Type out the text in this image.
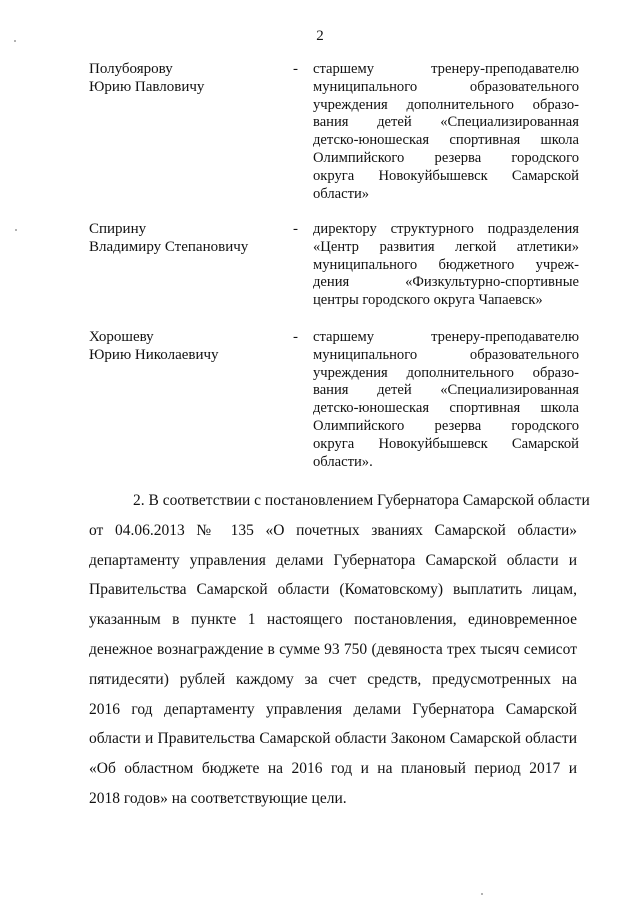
2
Полубоярову
Юрию Павловичу
- старшему тренеру-преподавателю
муниципального образовательного
учреждения дополнительного образо-
вания детей «Специализированная
детско-юношеская спортивная школа
Олимпийского резерва городского
округа Новокуйбышевск Самарской
области»
Спирину
Владимиру Степановичу
- директору структурного подразделения
«Центр развития легкой атлетики»
муниципального бюджетного учреж-
дения «Физкультурно-спортивные
центры городского округа Чапаевск»
Хорошеву
Юрию Николаевичу
- старшему тренеру-преподавателю
муниципального образовательного
учреждения дополнительного образо-
вания детей «Специализированная
детско-юношеская спортивная школа
Олимпийского резерва городского
округа Новокуйбышевск Самарской
области».
2. В соответствии с постановлением Губернатора Самарской области
от 04.06.2013 № 135 «О почетных званиях Самарской области»
департаменту управления делами Губернатора Самарской области и
Правительства Самарской области (Коматовскому) выплатить лицам,
указанным в пункте 1 настоящего постановления, единовременное
денежное вознаграждение в сумме 93 750 (девяноста трех тысяч семисот
пятидесяти) рублей каждому за счет средств, предусмотренных на
2016 год департаменту управления делами Губернатора Самарской
области и Правительства Самарской области Законом Самарской области
«Об областном бюджете на 2016 год и на плановый период 2017 и
2018 годов» на соответствующие цели.
